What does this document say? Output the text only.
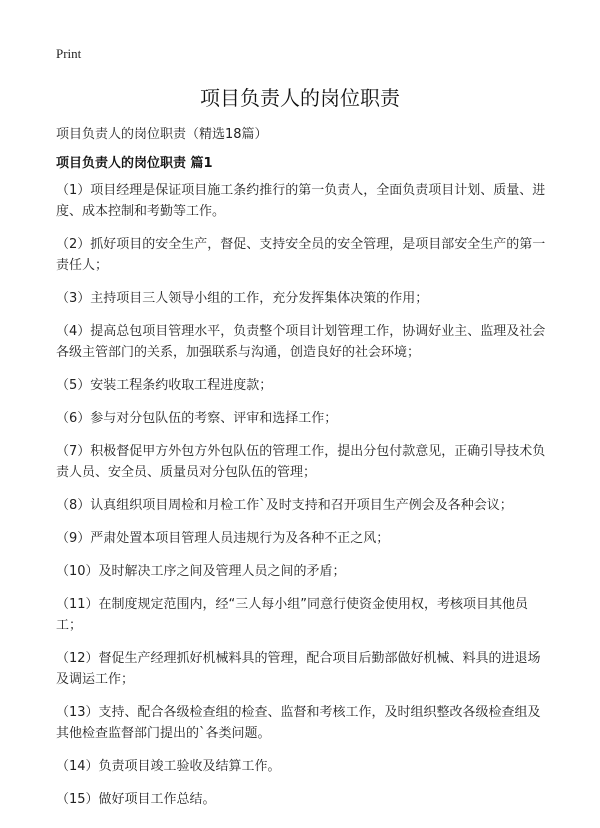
Print
项目负责人的岗位职责
项目负责人的岗位职责（精选18篇）
项目负责人的岗位职责 篇1

（1）项目经理是保证项目施工条约推行的第一负责人，全面负责项目计划、质量、进度、成本控制和考勤等工作。

（2）抓好项目的安全生产，督促、支持安全员的安全管理，是项目部安全生产的第一责任人；

（3）主持项目三人领导小组的工作，充分发挥集体决策的作用；

（4）提高总包项目管理水平，负责整个项目计划管理工作，协调好业主、监理及社会各级主管部门的关系，加强联系与沟通，创造良好的社会环境；

（5）安装工程条约收取工程进度款；

（6）参与对分包队伍的考察、评审和选择工作；

（7）积极督促甲方外包方外包队伍的管理工作，提出分包付款意见，正确引导技术负责人员、安全员、质量员对分包队伍的管理；

（8）认真组织项目周检和月检工作`及时支持和召开项目生产例会及各种会议；

（9）严肃处置本项目管理人员违规行为及各种不正之风；

（10）及时解决工序之间及管理人员之间的矛盾；

（11）在制度规定范围内，经“三人每小组”同意行使资金使用权，考核项目其他员工；

（12）督促生产经理抓好机械料具的管理，配合项目后勤部做好机械、料具的进退场及调运工作；

（13）支持、配合各级检查组的检查、监督和考核工作，及时组织整改各级检查组及其他检查监督部门提出的`各类问题。

（14）负责项目竣工验收及结算工作。

（15）做好项目工作总结。
